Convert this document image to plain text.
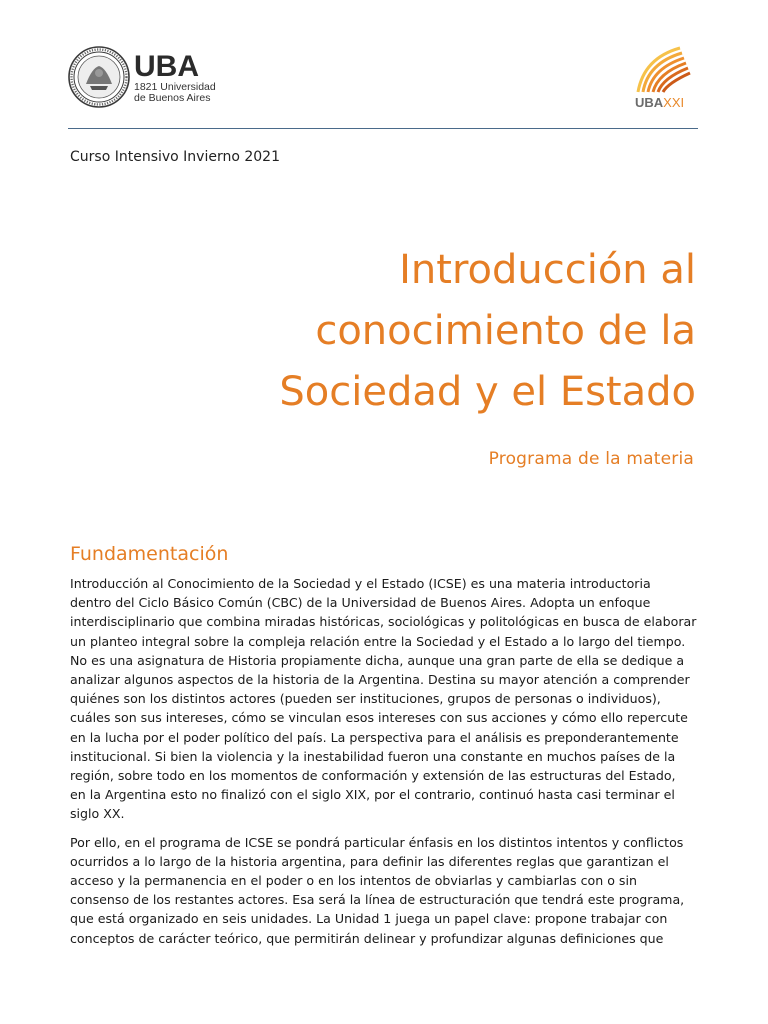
UBA
1821 Universidad
de Buenos Aires	UBAXXI
Curso Intensivo Invierno 2021
Introducción al
conocimiento de la
Sociedad y el Estado
Programa de la materia
Fundamentación

Introducción al Conocimiento de la Sociedad y el Estado (ICSE) es una materia introductoria
dentro del Ciclo Básico Común (CBC) de la Universidad de Buenos Aires. Adopta un enfoque
interdisciplinario que combina miradas históricas, sociológicas y politológicas en busca de elaborar
un planteo integral sobre la compleja relación entre la Sociedad y el Estado a lo largo del tiempo.
No es una asignatura de Historia propiamente dicha, aunque una gran parte de ella se dedique a
analizar algunos aspectos de la historia de la Argentina. Destina su mayor atención a comprender
quiénes son los distintos actores (pueden ser instituciones, grupos de personas o individuos),
cuáles son sus intereses, cómo se vinculan esos intereses con sus acciones y cómo ello repercute
en la lucha por el poder político del país. La perspectiva para el análisis es preponderantemente
institucional. Si bien la violencia y la inestabilidad fueron una constante en muchos países de la
región, sobre todo en los momentos de conformación y extensión de las estructuras del Estado,
en la Argentina esto no finalizó con el siglo XIX, por el contrario, continuó hasta casi terminar el
siglo XX.

Por ello, en el programa de ICSE se pondrá particular énfasis en los distintos intentos y conflictos
ocurridos a lo largo de la historia argentina, para definir las diferentes reglas que garantizan el
acceso y la permanencia en el poder o en los intentos de obviarlas y cambiarlas con o sin
consenso de los restantes actores. Esa será la línea de estructuración que tendrá este programa,
que está organizado en seis unidades. La Unidad 1 juega un papel clave: propone trabajar con
conceptos de carácter teórico, que permitirán delinear y profundizar algunas definiciones que
